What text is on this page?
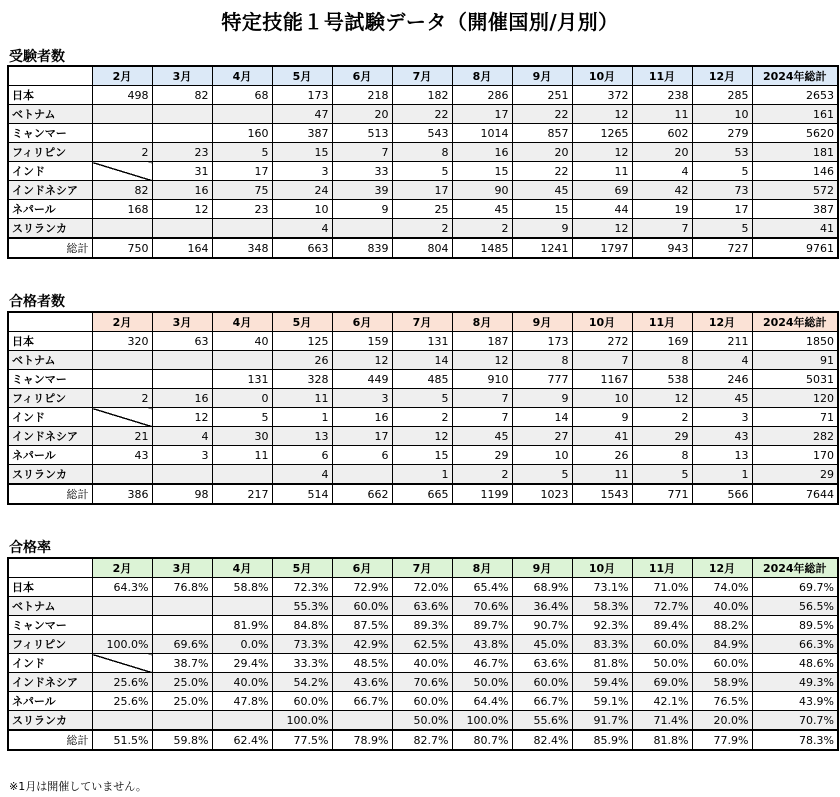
特定技能１号試験データ（開催国別/月別）
受験者数
	2月	3月	4月	5月	6月	7月	8月	9月	10月	11月	12月	2024年総計
日本	498	82	68	173	218	182	286	251	372	238	285	2653
ベトナム				47	20	22	17	22	12	11	10	161
ミャンマー			160	387	513	543	1014	857	1265	602	279	5620
フィリピン	2	23	5	15	7	8	16	20	12	20	53	181
インド		31	17	3	33	5	15	22	11	4	5	146
インドネシア	82	16	75	24	39	17	90	45	69	42	73	572
ネパール	168	12	23	10	9	25	45	15	44	19	17	387
スリランカ				4		2	2	9	12	7	5	41
総計	750	164	348	663	839	804	1485	1241	1797	943	727	9761
合格者数
	2月	3月	4月	5月	6月	7月	8月	9月	10月	11月	12月	2024年総計
日本	320	63	40	125	159	131	187	173	272	169	211	1850
ベトナム				26	12	14	12	8	7	8	4	91
ミャンマー			131	328	449	485	910	777	1167	538	246	5031
フィリピン	2	16	0	11	3	5	7	9	10	12	45	120
インド		12	5	1	16	2	7	14	9	2	3	71
インドネシア	21	4	30	13	17	12	45	27	41	29	43	282
ネパール	43	3	11	6	6	15	29	10	26	8	13	170
スリランカ				4		1	2	5	11	5	1	29
総計	386	98	217	514	662	665	1199	1023	1543	771	566	7644
合格率
	2月	3月	4月	5月	6月	7月	8月	9月	10月	11月	12月	2024年総計
日本	64.3%	76.8%	58.8%	72.3%	72.9%	72.0%	65.4%	68.9%	73.1%	71.0%	74.0%	69.7%
ベトナム				55.3%	60.0%	63.6%	70.6%	36.4%	58.3%	72.7%	40.0%	56.5%
ミャンマー			81.9%	84.8%	87.5%	89.3%	89.7%	90.7%	92.3%	89.4%	88.2%	89.5%
フィリピン	100.0%	69.6%	0.0%	73.3%	42.9%	62.5%	43.8%	45.0%	83.3%	60.0%	84.9%	66.3%
インド		38.7%	29.4%	33.3%	48.5%	40.0%	46.7%	63.6%	81.8%	50.0%	60.0%	48.6%
インドネシア	25.6%	25.0%	40.0%	54.2%	43.6%	70.6%	50.0%	60.0%	59.4%	69.0%	58.9%	49.3%
ネパール	25.6%	25.0%	47.8%	60.0%	66.7%	60.0%	64.4%	66.7%	59.1%	42.1%	76.5%	43.9%
スリランカ				100.0%		50.0%	100.0%	55.6%	91.7%	71.4%	20.0%	70.7%
総計	51.5%	59.8%	62.4%	77.5%	78.9%	82.7%	80.7%	82.4%	85.9%	81.8%	77.9%	78.3%
※1月は開催していません。
